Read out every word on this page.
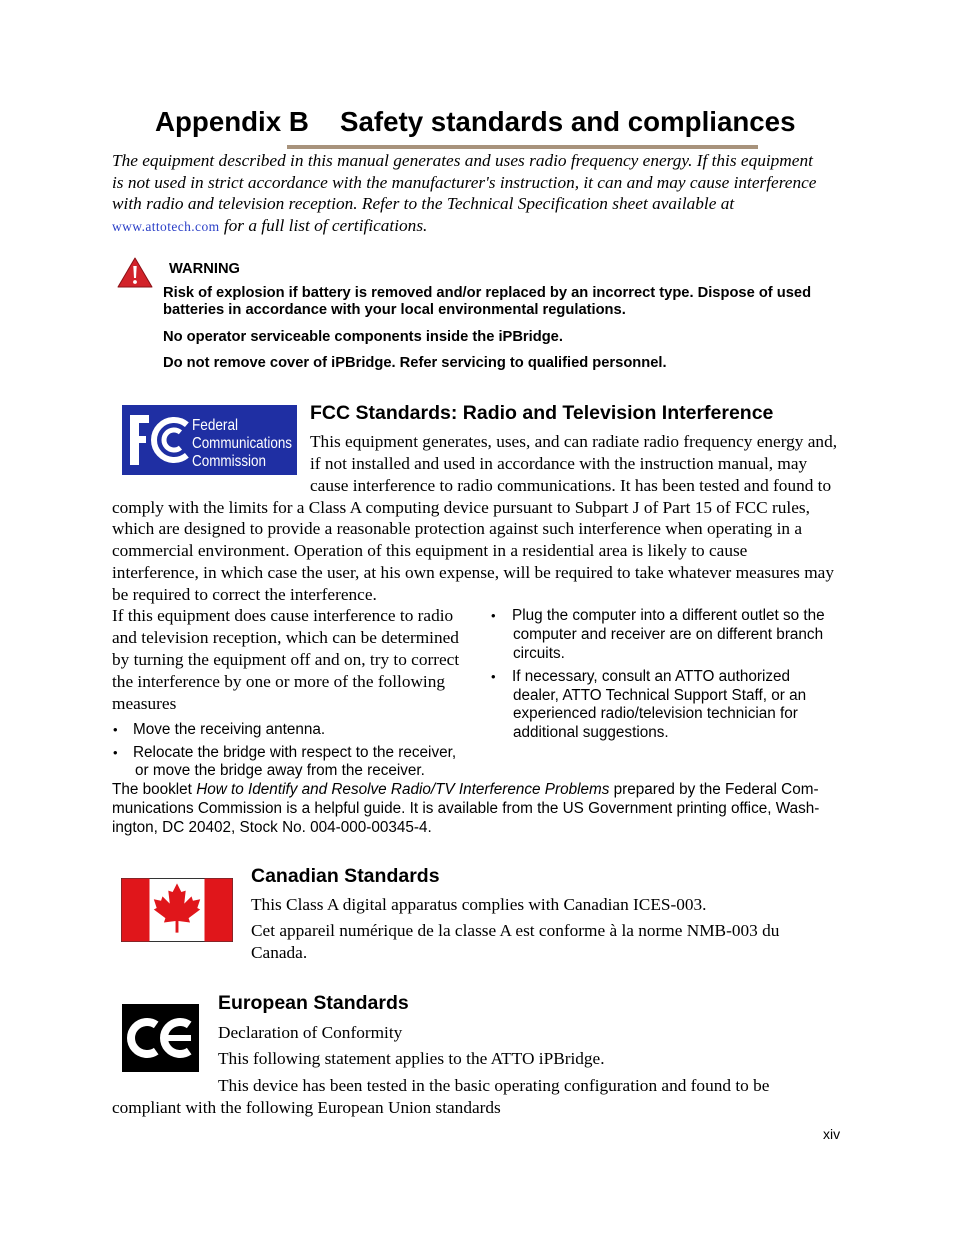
Appendix B Safety standards and compliances
The equipment described in this manual generates and uses radio frequency energy. If this equipment
is not used in strict accordance with the manufacturer's instruction, it can and may cause interference
with radio and television reception. Refer to the Technical Specification sheet available at
www.attotech.com for a full list of certifications.
WARNING
Risk of explosion if battery is removed and/or replaced by an incorrect type. Dispose of used
batteries in accordance with your local environmental regulations.
No operator serviceable components inside the iPBridge.
Do not remove cover of iPBridge. Refer servicing to qualified personnel.
Federal
Communications
Commission
FCC Standards: Radio and Television Interference
This equipment generates, uses, and can radiate radio frequency energy and,
if not installed and used in accordance with the instruction manual, may
cause interference to radio communications. It has been tested and found to
comply with the limits for a Class A computing device pursuant to Subpart J of Part 15 of FCC rules,
which are designed to provide a reasonable protection against such interference when operating in a
commercial environment. Operation of this equipment in a residential area is likely to cause
interference, in which case the user, at his own expense, will be required to take whatever measures may
be required to correct the interference.
If this equipment does cause interference to radio
and television reception, which can be determined
by turning the equipment off and on, try to correct
the interference by one or more of the following
measures
• Move the receiving antenna.
• Relocate the bridge with respect to the receiver,
or move the bridge away from the receiver.
• Plug the computer into a different outlet so the
computer and receiver are on different branch
circuits.
• If necessary, consult an ATTO authorized
dealer, ATTO Technical Support Staff, or an
experienced radio/television technician for
additional suggestions.
The booklet How to Identify and Resolve Radio/TV Interference Problems prepared by the Federal Com-
munications Commission is a helpful guide. It is available from the US Government printing office, Wash-
ington, DC 20402, Stock No. 004-000-00345-4.
Canadian Standards
This Class A digital apparatus complies with Canadian ICES-003.
Cet appareil numérique de la classe A est conforme à la norme NMB-003 du
Canada.
European Standards
Declaration of Conformity
This following statement applies to the ATTO iPBridge.
This device has been tested in the basic operating configuration and found to be
compliant with the following European Union standards
xiv
